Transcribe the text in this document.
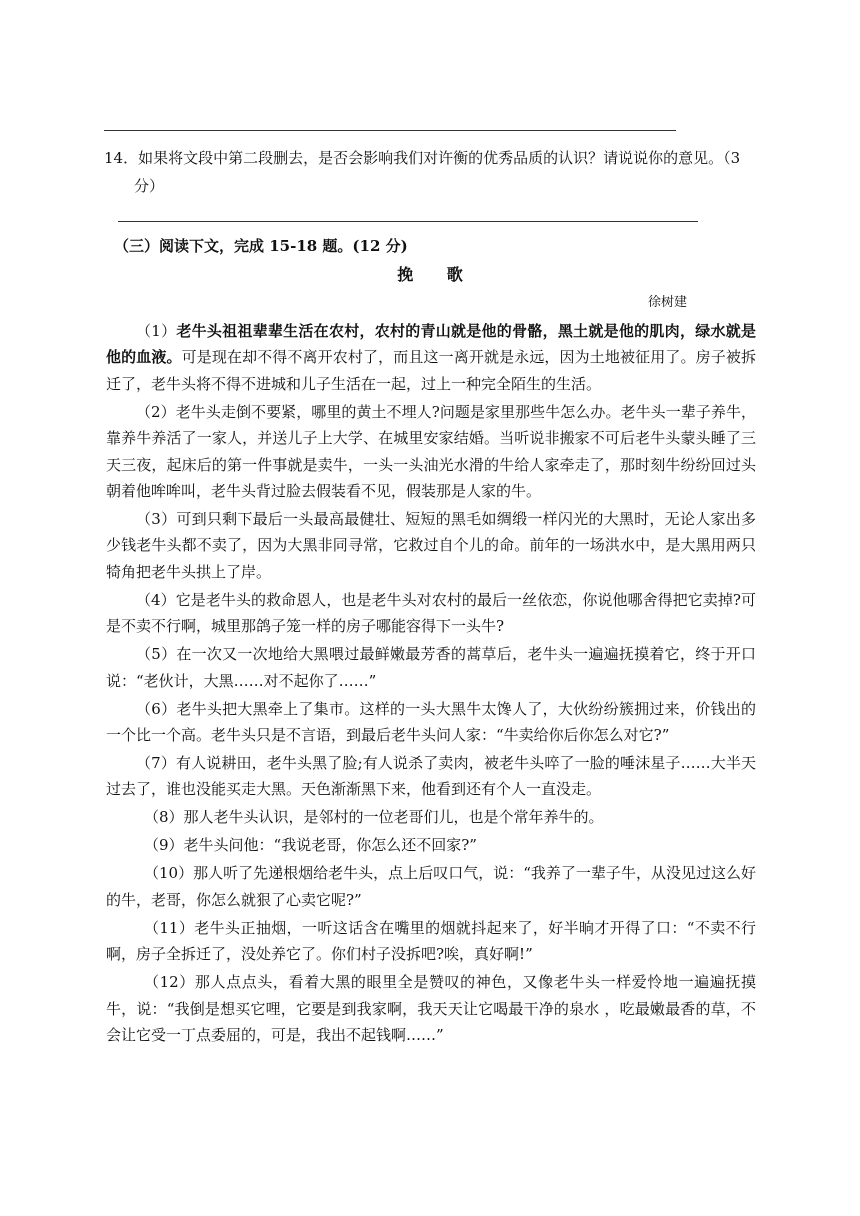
14．如果将文段中第二段删去，是否会影响我们对许衡的优秀品质的认识？请说说你的意见。（3
分）
（三）阅读下文，完成 15-18 题。(12 分)
挽 歌
徐树建

（1）老牛头祖祖辈辈生活在农村，农村的青山就是他的骨骼，黑土就是他的肌肉，绿水就是他的血液。可是现在却不得不离开农村了，而且这一离开就是永远，因为土地被征用了。房子被拆迁了，老牛头将不得不进城和儿子生活在一起，过上一种完全陌生的生活。

（2）老牛头走倒不要紧，哪里的黄土不埋人?问题是家里那些牛怎么办。老牛头一辈子养牛，靠养牛养活了一家人，并送儿子上大学、在城里安家结婚。当听说非搬家不可后老牛头蒙头睡了三天三夜，起床后的第一件事就是卖牛，一头一头油光水滑的牛给人家牵走了，那时刻牛纷纷回过头朝着他哞哞叫，老牛头背过脸去假装看不见，假装那是人家的牛。

（3）可到只剩下最后一头最高最健壮、短短的黑毛如绸缎一样闪光的大黑时，无论人家出多少钱老牛头都不卖了，因为大黑非同寻常，它救过自个儿的命。前年的一场洪水中，是大黑用两只犄角把老牛头拱上了岸。

（4）它是老牛头的救命恩人，也是老牛头对农村的最后一丝依恋，你说他哪舍得把它卖掉?可是不卖不行啊，城里那鸽子笼一样的房子哪能容得下一头牛?

（5）在一次又一次地给大黑喂过最鲜嫩最芳香的蒿草后，老牛头一遍遍抚摸着它，终于开口说：“老伙计，大黑……对不起你了……”

（6）老牛头把大黑牵上了集市。这样的一头大黑牛太馋人了，大伙纷纷簇拥过来，价钱出的一个比一个高。老牛头只是不言语，到最后老牛头问人家：“牛卖给你后你怎么对它?”

（7）有人说耕田，老牛头黑了脸;有人说杀了卖肉，被老牛头啐了一脸的唾沫星子……大半天过去了，谁也没能买走大黑。天色渐渐黑下来，他看到还有个人一直没走。

（8）那人老牛头认识，是邻村的一位老哥们儿，也是个常年养牛的。

（9）老牛头问他：“我说老哥，你怎么还不回家?”

（10）那人听了先递根烟给老牛头，点上后叹口气，说：“我养了一辈子牛，从没见过这么好的牛，老哥，你怎么就狠了心卖它呢?”

（11）老牛头正抽烟，一听这话含在嘴里的烟就抖起来了，好半晌才开得了口：“不卖不行啊，房子全拆迁了，没处养它了。你们村子没拆吧?唉，真好啊!”

（12）那人点点头，看着大黑的眼里全是赞叹的神色，又像老牛头一样爱怜地一遍遍抚摸牛，说：“我倒是想买它哩，它要是到我家啊，我天天让它喝最干净的泉水 ，吃最嫩最香的草，不会让它受一丁点委屈的，可是，我出不起钱啊……”
